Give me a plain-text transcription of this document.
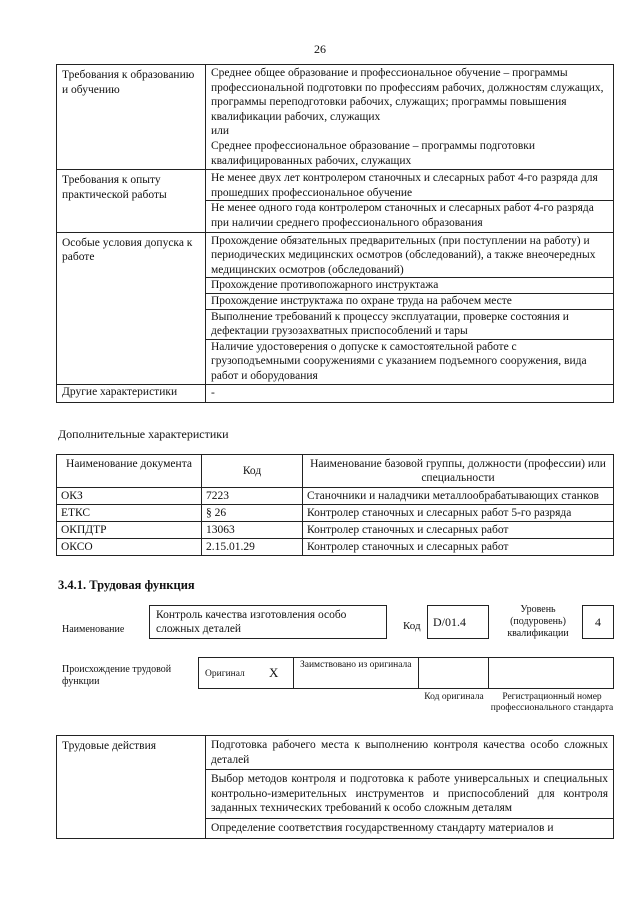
26
Требования к образованию и обучению	Среднее общее образование и профессиональное обучение – программы профессиональной подготовки по профессиям рабочих, должностям служащих, программы переподготовки рабочих, служащих; программы повышения квалификации рабочих, служащих
или
Среднее профессиональное образование – программы подготовки квалифицированных рабочих, служащих

Требования к опыту практической работы	Не менее двух лет контролером станочных и слесарных работ 4-го разряда для прошедших профессиональное обучение
Не менее одного года контролером станочных и слесарных работ 4-го разряда при наличии среднего профессионального образования

Особые условия допуска к работе	Прохождение обязательных предварительных (при поступлении на работу) и периодических медицинских осмотров (обследований), а также внеочередных медицинских осмотров (обследований)
Прохождение противопожарного инструктажа
Прохождение инструктажа по охране труда на рабочем месте
Выполнение требований к процессу эксплуатации, проверке состояния и дефектации грузозахватных приспособлений и тары
Наличие удостоверения о допуске к самостоятельной работе с грузоподъемными сооружениями с указанием подъемного сооружения, вида работ и оборудования

Другие характеристики	-
Дополнительные характеристики
Наименование документа	Код	Наименование базовой группы, должности (профессии) или специальности
ОКЗ	7223	Станочники и наладчики металлообрабатывающих станков
ЕТКС	§ 26	Контролер станочных и слесарных работ 5-го разряда
ОКПДТР	13063	Контролер станочных и слесарных работ
ОКСО	2.15.01.29	Контролер станочных и слесарных работ
3.4.1. Трудовая функция
Наименование
Контроль качества изготовления особо сложных деталей	Код	D/01.4
Уровень (подуровень) квалификации
4
Происхождение трудовой функции
Оригинал X	Заимствовано из оригинала
Код оригинала	Регистрационный номер профессионального стандарта
Трудовые действия	Подготовка рабочего места к выполнению контроля качества особо сложных деталей
Выбор методов контроля и подготовка к работе универсальных и специальных контрольно-измерительных инструментов и приспособлений для контроля заданных технических требований к особо сложным деталям
Определение соответствия государственному стандарту материалов и
